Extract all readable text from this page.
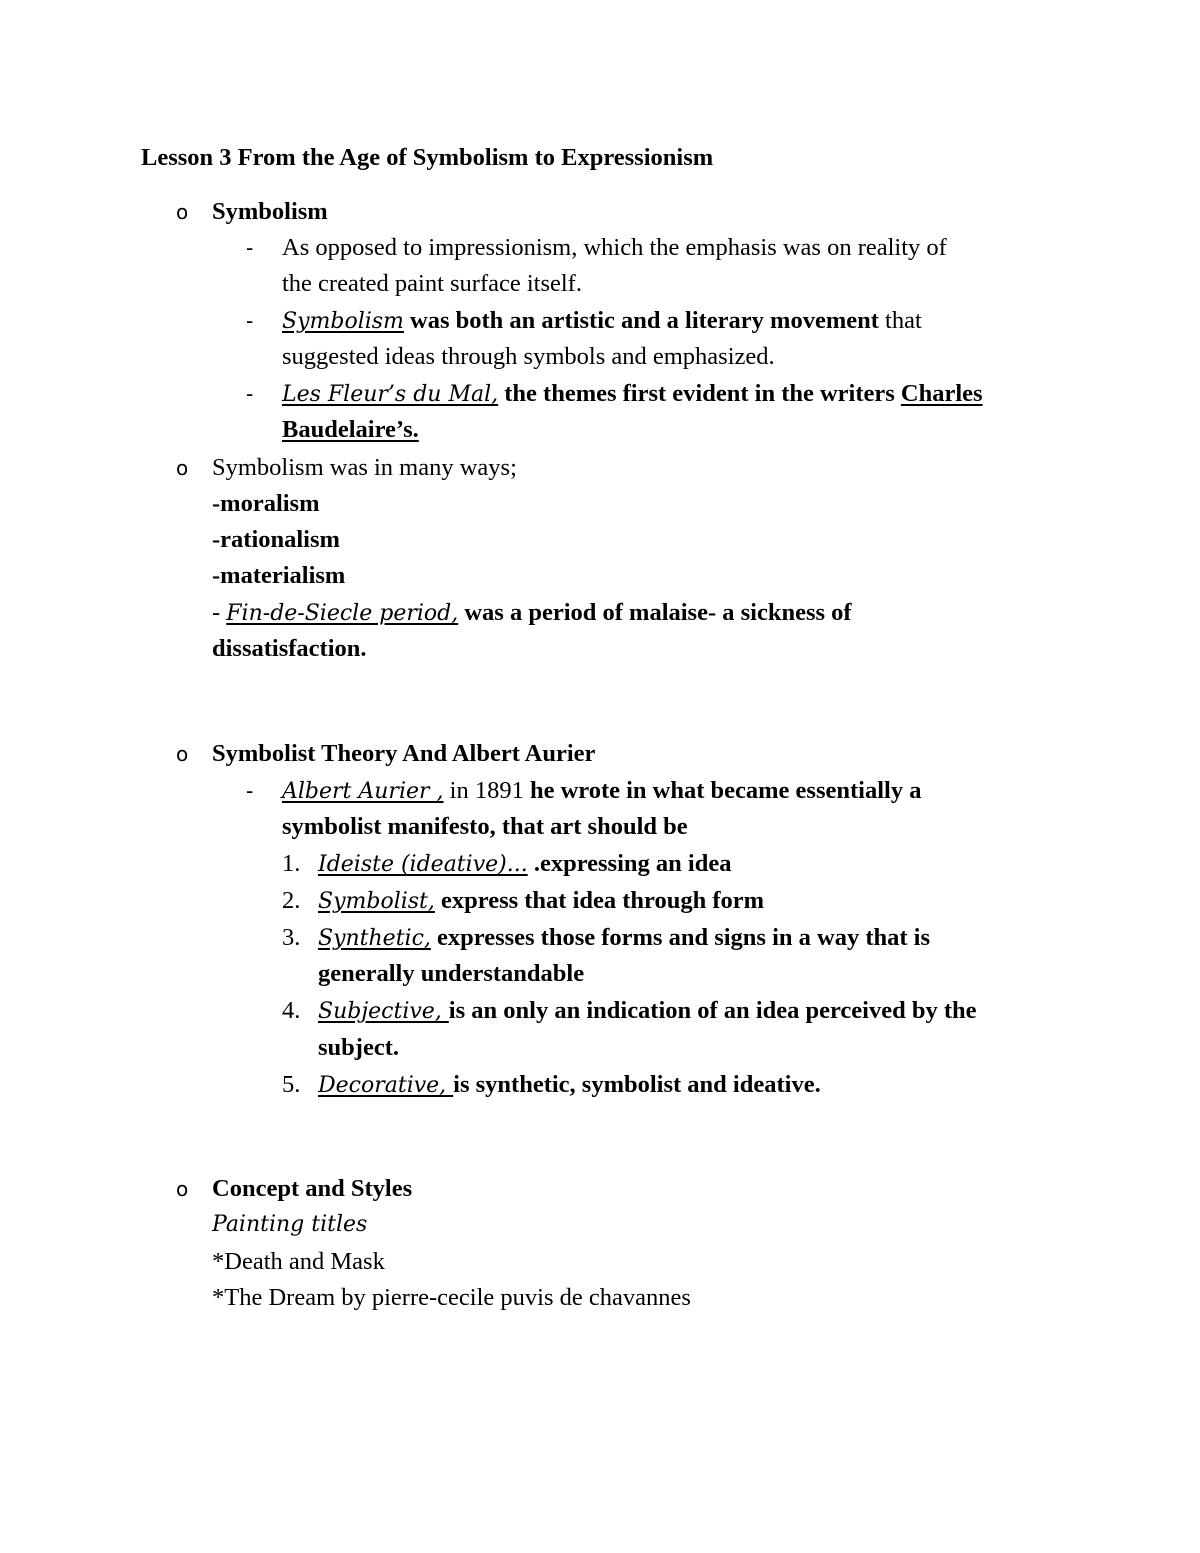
Lesson 3 From the Age of Symbolism to Expressionism
o Symbolism
- As opposed to impressionism, which the emphasis was on reality of
the created paint surface itself.
- Symbolism was both an artistic and a literary movement that
suggested ideas through symbols and emphasized.
- Les Fleur’s du Mal, the themes first evident in the writers Charles
Baudelaire’s.
o Symbolism was in many ways;
-moralism
-rationalism
-materialism
- Fin-de-Siecle period, was a period of malaise- a sickness of
dissatisfaction.
o Symbolist Theory And Albert Aurier
- Albert Aurier , in 1891 he wrote in what became essentially a
symbolist manifesto, that art should be
1. Ideiste (ideative)... .expressing an idea
2. Symbolist, express that idea through form
3. Synthetic, expresses those forms and signs in a way that is
generally understandable
4. Subjective, is an only an indication of an idea perceived by the
subject.
5. Decorative, is synthetic, symbolist and ideative.
o Concept and Styles
Painting titles
*Death and Mask
*The Dream by pierre-cecile puvis de chavannes
